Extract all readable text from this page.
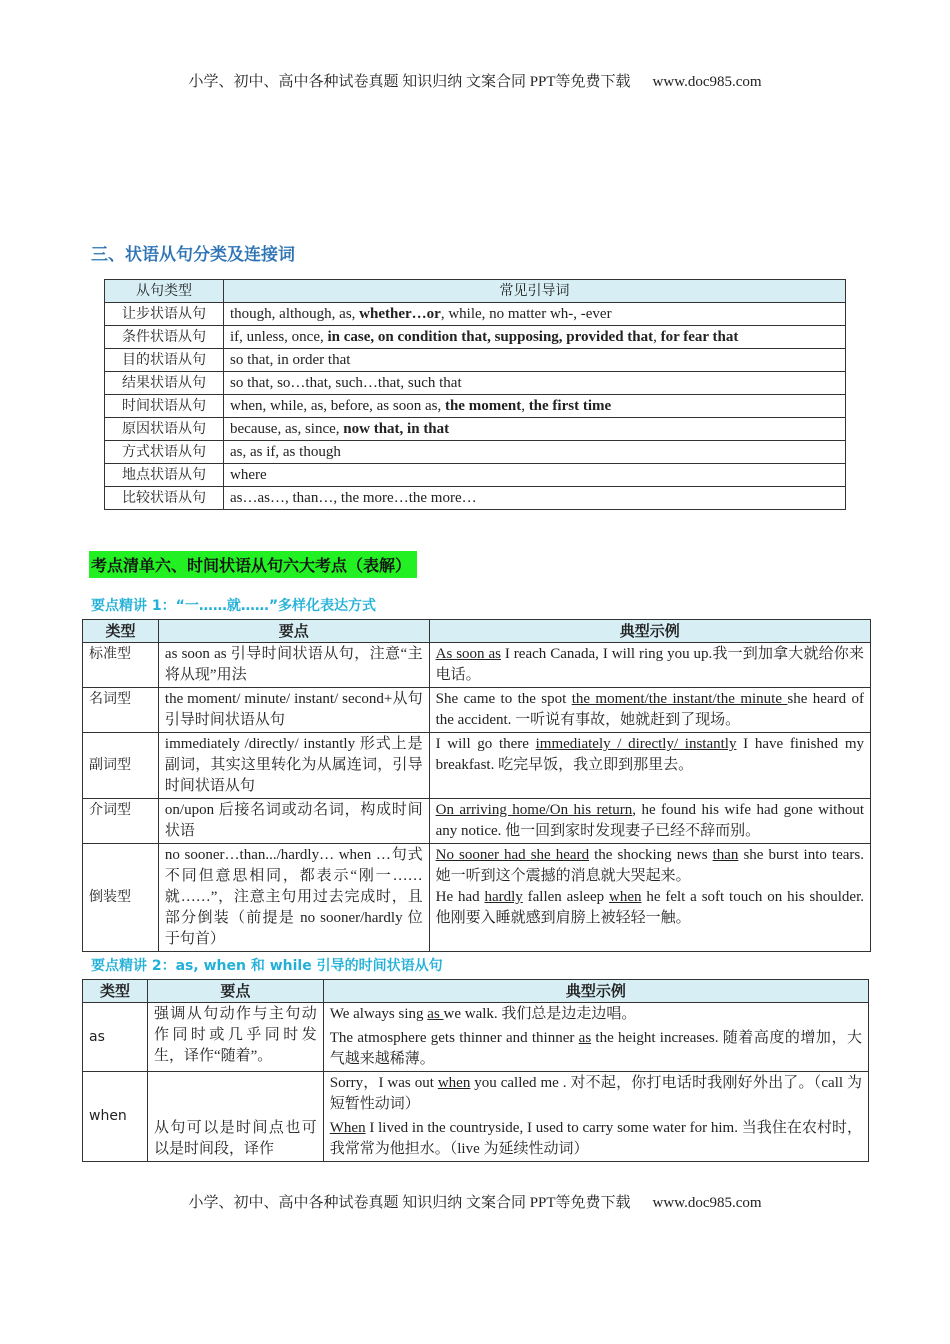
小学、初中、高中各种试卷真题 知识归纳 文案合同 PPT等免费下载 www.doc985.com
三、状语从句分类及连接词
从句类型	常见引导词
让步状语从句	though, although, as, whether…or, while, no matter wh-, -ever
条件状语从句	if, unless, once, in case, on condition that, supposing, provided that, for fear that
目的状语从句	so that, in order that
结果状语从句	so that, so…that, such…that, such that
时间状语从句	when, while, as, before, as soon as, the moment, the first time
原因状语从句	because, as, since, now that, in that
方式状语从句	as, as if, as though
地点状语从句	where
比较状语从句	as…as…, than…, the more…the more…
考点清单六、时间状语从句六大考点（表解）
要点精讲 1：“一……就……”多样化表达方式
类型	要点	典型示例
标准型	as soon as 引导时间状语从句，注意“主将从现”用法	As soon as I reach Canada, I will ring you up.我一到加拿大就给你来电话。
名词型	the moment/ minute/ instant/ second+从句引导时间状语从句	She came to the spot the moment/the instant/the minute she heard of the accident. 一听说有事故，她就赶到了现场。
副词型	immediately /directly/ instantly 形式上是副词，其实这里转化为从属连词，引导时间状语从句	I will go there immediately / directly/ instantly I have finished my breakfast. 吃完早饭，我立即到那里去。
介词型	on/upon 后接名词或动名词，构成时间状语	On arriving home/On his return, he found his wife had gone without any notice. 他一回到家时发现妻子已经不辞而别。
倒装型	no sooner…than.../hardly… when …句式不同但意思相同，都表示“刚一……就……”，注意主句用过去完成时，且部分倒装（前提是 no sooner/hardly 位于句首）	No sooner had she heard the shocking news than she burst into tears. 她一听到这个震撼的消息就大哭起来。

He had hardly fallen asleep when he felt a soft touch on his shoulder. 他刚要入睡就感到肩膀上被轻轻一触。

要点精讲 2：as, when 和 while 引导的时间状语从句
类型	要点	典型示例
as	强调从句动作与主句动作同时或几乎同时发生，译作“随着”。	We always sing as we walk. 我们总是边走边唱。

The atmosphere gets thinner and thinner as the height increases. 随着高度的增加，大气越来越稀薄。

when	从句可以是时间点也可以是时间段，译作	Sorry，I was out when you called me . 对不起，你打电话时我刚好外出了。（call 为短暂性动词）

When I lived in the countryside, I used to carry some water for him. 当我住在农村时，我常常为他担水。（live 为延续性动词）

小学、初中、高中各种试卷真题 知识归纳 文案合同 PPT等免费下载 www.doc985.com
